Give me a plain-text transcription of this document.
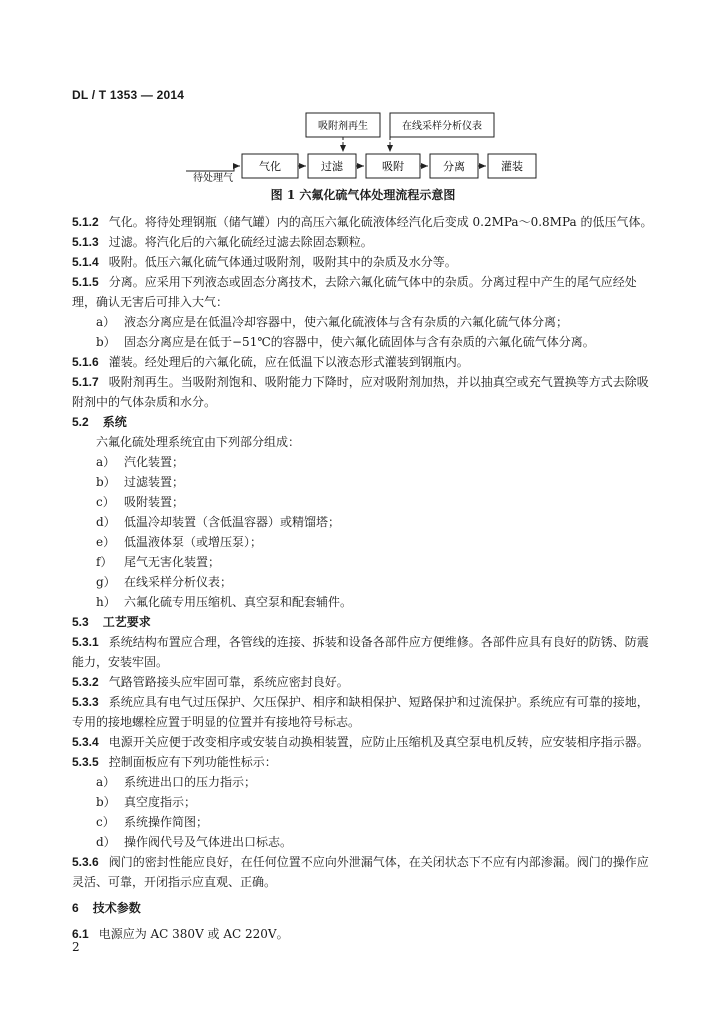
DL / T 1353 — 2014
吸附剂再生	在线采样分析仪表
待处理气
气化	过滤	吸附	分离	灌装
图 1 六氟化硫气体处理流程示意图

5.1.2 气化。将待处理钢瓶（储气罐）内的高压六氟化硫液体经汽化后变成 0.2MPa～0.8MPa 的低压气体。

5.1.3 过滤。将汽化后的六氟化硫经过滤去除固态颗粒。

5.1.4 吸附。低压六氟化硫气体通过吸附剂，吸附其中的杂质及水分等。

5.1.5 分离。应采用下列液态或固态分离技术，去除六氟化硫气体中的杂质。分离过程中产生的尾气应经处理，确认无害后可排入大气：

a） 液态分离应是在低温冷却容器中，使六氟化硫液体与含有杂质的六氟化硫气体分离；

b） 固态分离应是在低于−51℃的容器中，使六氟化硫固体与含有杂质的六氟化硫气体分离。

5.1.6 灌装。经处理后的六氟化硫，应在低温下以液态形式灌装到钢瓶内。

5.1.7 吸附剂再生。当吸附剂饱和、吸附能力下降时，应对吸附剂加热，并以抽真空或充气置换等方式去除吸附剂中的气体杂质和水分。

5.2 系统

六氟化硫处理系统宜由下列部分组成：

a） 汽化装置；

b） 过滤装置；

c） 吸附装置；

d） 低温冷却装置（含低温容器）或精馏塔；

e） 低温液体泵（或增压泵）；

f） 尾气无害化装置；

g） 在线采样分析仪表；

h） 六氟化硫专用压缩机、真空泵和配套辅件。

5.3 工艺要求

5.3.1 系统结构布置应合理，各管线的连接、拆装和设备各部件应方便维修。各部件应具有良好的防锈、防震能力，安装牢固。

5.3.2 气路管路接头应牢固可靠，系统应密封良好。

5.3.3 系统应具有电气过压保护、欠压保护、相序和缺相保护、短路保护和过流保护。系统应有可靠的接地，专用的接地螺栓应置于明显的位置并有接地符号标志。

5.3.4 电源开关应便于改变相序或安装自动换相装置，应防止压缩机及真空泵电机反转，应安装相序指示器。

5.3.5 控制面板应有下列功能性标示：

a） 系统进出口的压力指示；

b） 真空度指示；

c） 系统操作简图；

d） 操作阀代号及气体进出口标志。

5.3.6 阀门的密封性能应良好，在任何位置不应向外泄漏气体，在关闭状态下不应有内部渗漏。阀门的操作应灵活、可靠，开闭指示应直观、正确。

6 技术参数

6.1 电源应为 AC 380V 或 AC 220V。

2
